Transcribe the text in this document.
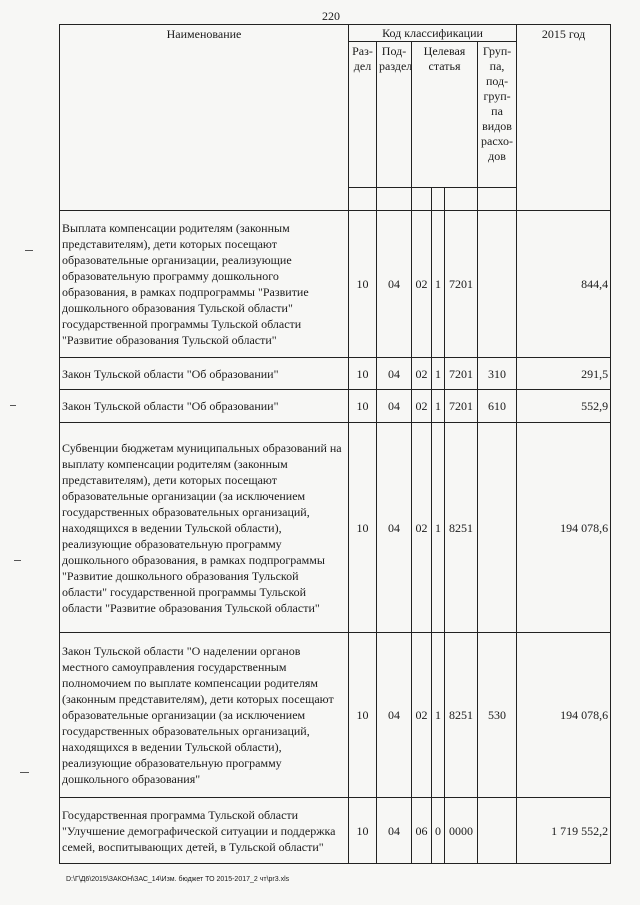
220
Наименование	Код классификации						2015 год
	Раз-дел	Под-раздел	Целевая статья			Груп-па, под-груп-па видов расхо-дов	

Выплата компенсации родителям (законным представителям), дети которых посещают образовательные организации, реализующие образовательную программу дошкольного образования, в рамках подпрограммы "Развитие дошкольного образования Тульской области" государственной программы Тульской области "Развитие образования Тульской области"	10	04	02	1	7201		844,4
Закон Тульской области "Об образовании"	10	04	02	1	7201	310	291,5
Закон Тульской области "Об образовании"	10	04	02	1	7201	610	552,9
Субвенции бюджетам муниципальных образований на выплату компенсации родителям (законным представителям), дети которых посещают образовательные организации (за исключением государственных образовательных организаций, находящихся в ведении Тульской области), реализующие образовательную программу дошкольного образования, в рамках подпрограммы "Развитие дошкольного образования Тульской области" государственной программы Тульской области "Развитие образования Тульской области"	10	04	02	1	8251		194 078,6
Закон Тульской области "О наделении органов местного самоуправления государственным полномочием по выплате компенсации родителям (законным представителям), дети которых посещают образовательные организации (за исключением государственных образовательных организаций, находящихся в ведении Тульской области), реализующие образовательную программу дошкольного образования"	10	04	02	1	8251	530	194 078,6
Государственная программа Тульской области "Улучшение демографической ситуации и поддержка семей, воспитывающих детей, в Тульской области"	10	04	06	0	0000		1 719 552,2
D:\Г\Д6\2015\ЗАКОН\ЗАС_14\Изм. бюджет ТО 2015-2017_2 чт\pr3.xls
